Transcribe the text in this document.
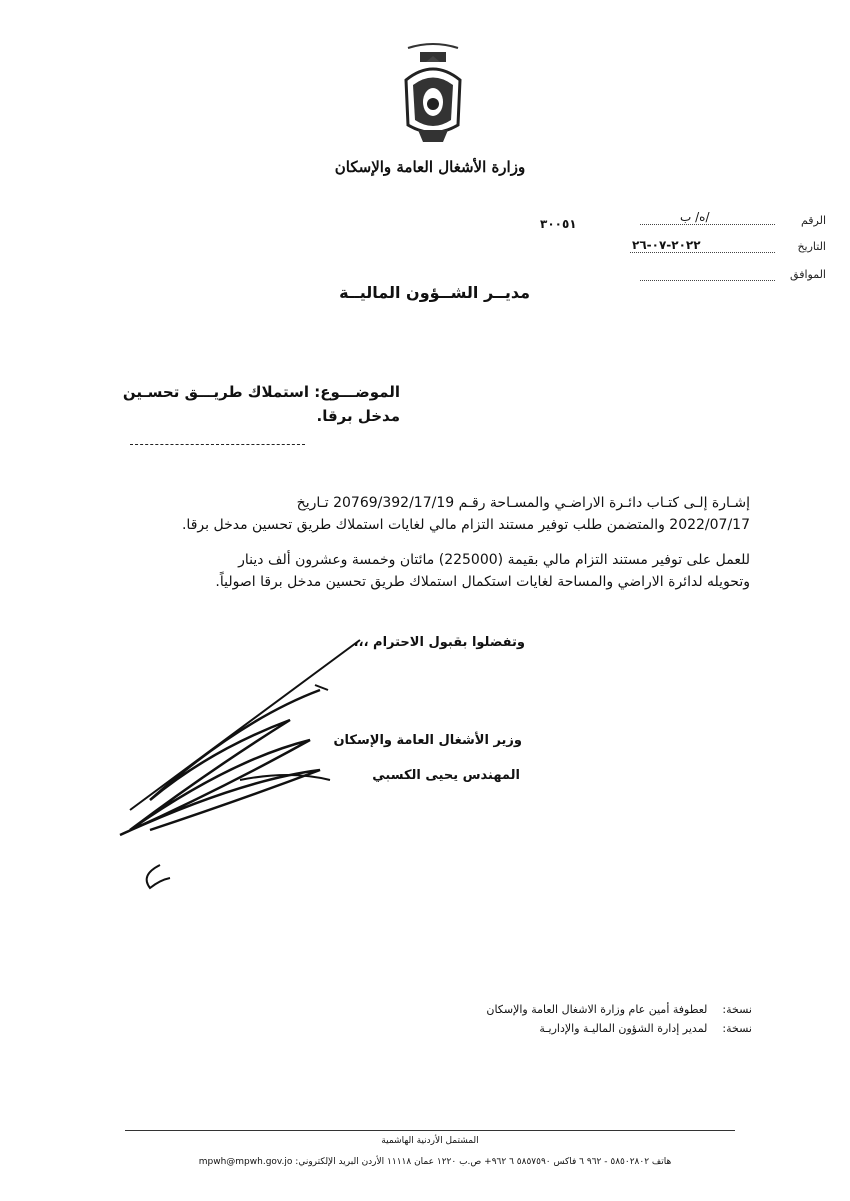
وزارة الأشغال العامة والإسكان
الرقم
ه/ ب/
٣٠٠٥١
التاريخ
٢٠٢٢-٠٧-٢٦
الموافق
مديــر الشــؤون الماليــة
الموضـــوع: استملاك طريـــق تحسـين
مدخل برقا.
إشـارة إلـى كتـاب دائـرة الاراضـي والمسـاحة رقـم 20769/392/17/19 تـاريخ
2022/07/17 والمتضمن طلب توفير مستند التزام مالي لغايات استملاك طريق تحسين مدخل برقا.
للعمل على توفير مستند التزام مالي بقيمة (225000) مائتان وخمسة وعشرون ألف دينار
وتحويله لدائرة الاراضي والمساحة لغايات استكمال استملاك طريق تحسين مدخل برقا اصولياً.
وتفضلوا بقبول الاحترام ،،،
وزير الأشغال العامة والإسكان
المهندس يحيى الكسبي
نسخة:  لعطوفة أمين عام وزارة الاشغال العامة والإسكان
نسخة:  لمدير إدارة الشؤون الماليـة والإداريـة
المشتمل الأردنية الهاشمية
هاتف ٥٨٥٠٢٨٠٢ - ٩٦٢ ٦ فاكس ٥٨٥٧٥٩٠ ٦ ٩٦٢+ ص.ب ١٢٢٠ عمان ١١١١٨ الأردن البريد الإلكتروني: mpwh@mpwh.gov.jo
